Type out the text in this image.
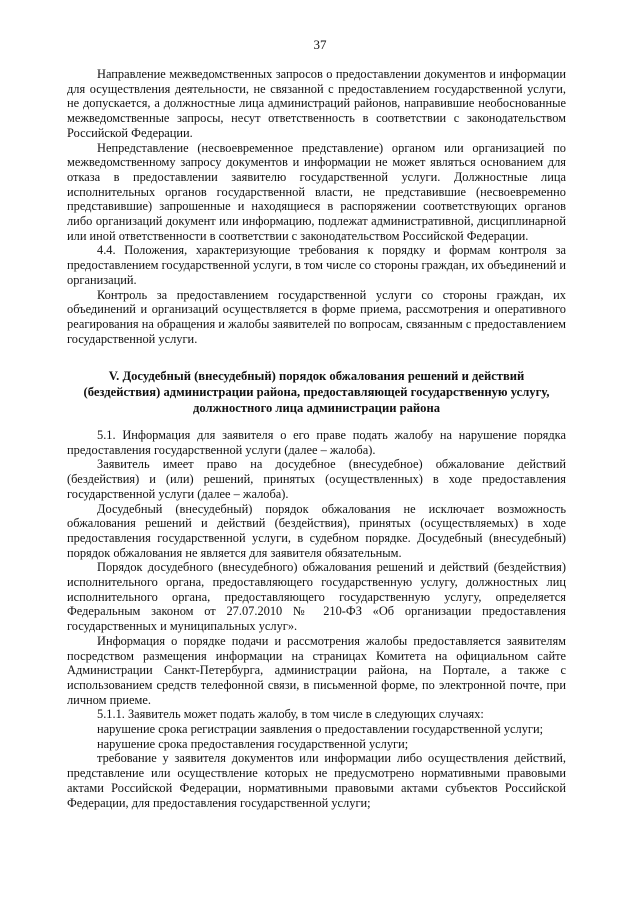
37

Направление межведомственных запросов о предоставлении документов и информации для осуществления деятельности, не связанной с предоставлением государственной услуги, не допускается, а должностные лица администраций районов, направившие необоснованные межведомственные запросы, несут ответственность в соответствии с законодательством Российской Федерации.

Непредставление (несвоевременное представление) органом или организацией по межведомственному запросу документов и информации не может являться основанием для отказа в предоставлении заявителю государственной услуги. Должностные лица исполнительных органов государственной власти, не представившие (несвоевременно представившие) запрошенные и находящиеся в распоряжении соответствующих органов либо организаций документ или информацию, подлежат административной, дисциплинарной или иной ответственности в соответствии с законодательством Российской Федерации.

4.4. Положения, характеризующие требования к порядку и формам контроля за предоставлением государственной услуги, в том числе со стороны граждан, их объединений и организаций.

Контроль за предоставлением государственной услуги со стороны граждан, их объединений и организаций осуществляется в форме приема, рассмотрения и оперативного реагирования на обращения и жалобы заявителей по вопросам, связанным с предоставлением государственной услуги.

V. Досудебный (внесудебный) порядок обжалования решений и действий

(бездействия) администрации района, предоставляющей государственную услугу,

должностного лица администрации района

5.1. Информация для заявителя о его праве подать жалобу на нарушение порядка предоставления государственной услуги (далее – жалоба).

Заявитель имеет право на досудебное (внесудебное) обжалование действий (бездействия) и (или) решений, принятых (осуществленных) в ходе предоставления государственной услуги (далее – жалоба).

Досудебный (внесудебный) порядок обжалования не исключает возможность обжалования решений и действий (бездействия), принятых (осуществляемых) в ходе предоставления государственной услуги, в судебном порядке. Досудебный (внесудебный) порядок обжалования не является для заявителя обязательным.

Порядок досудебного (внесудебного) обжалования решений и действий (бездействия) исполнительного органа, предоставляющего государственную услугу, должностных лиц исполнительного органа, предоставляющего государственную услугу, определяется Федеральным законом от 27.07.2010 № 210-ФЗ «Об организации предоставления государственных и муниципальных услуг».

Информация о порядке подачи и рассмотрения жалобы предоставляется заявителям посредством размещения информации на страницах Комитета на официальном сайте Администрации Санкт-Петербурга, администрации района, на Портале, а также с использованием средств телефонной связи, в письменной форме, по электронной почте, при личном приеме.

5.1.1. Заявитель может подать жалобу, в том числе в следующих случаях:

нарушение срока регистрации заявления о предоставлении государственной услуги;

нарушение срока предоставления государственной услуги;

требование у заявителя документов или информации либо осуществления действий, представление или осуществление которых не предусмотрено нормативными правовыми актами Российской Федерации, нормативными правовыми актами субъектов Российской Федерации, для предоставления государственной услуги;
